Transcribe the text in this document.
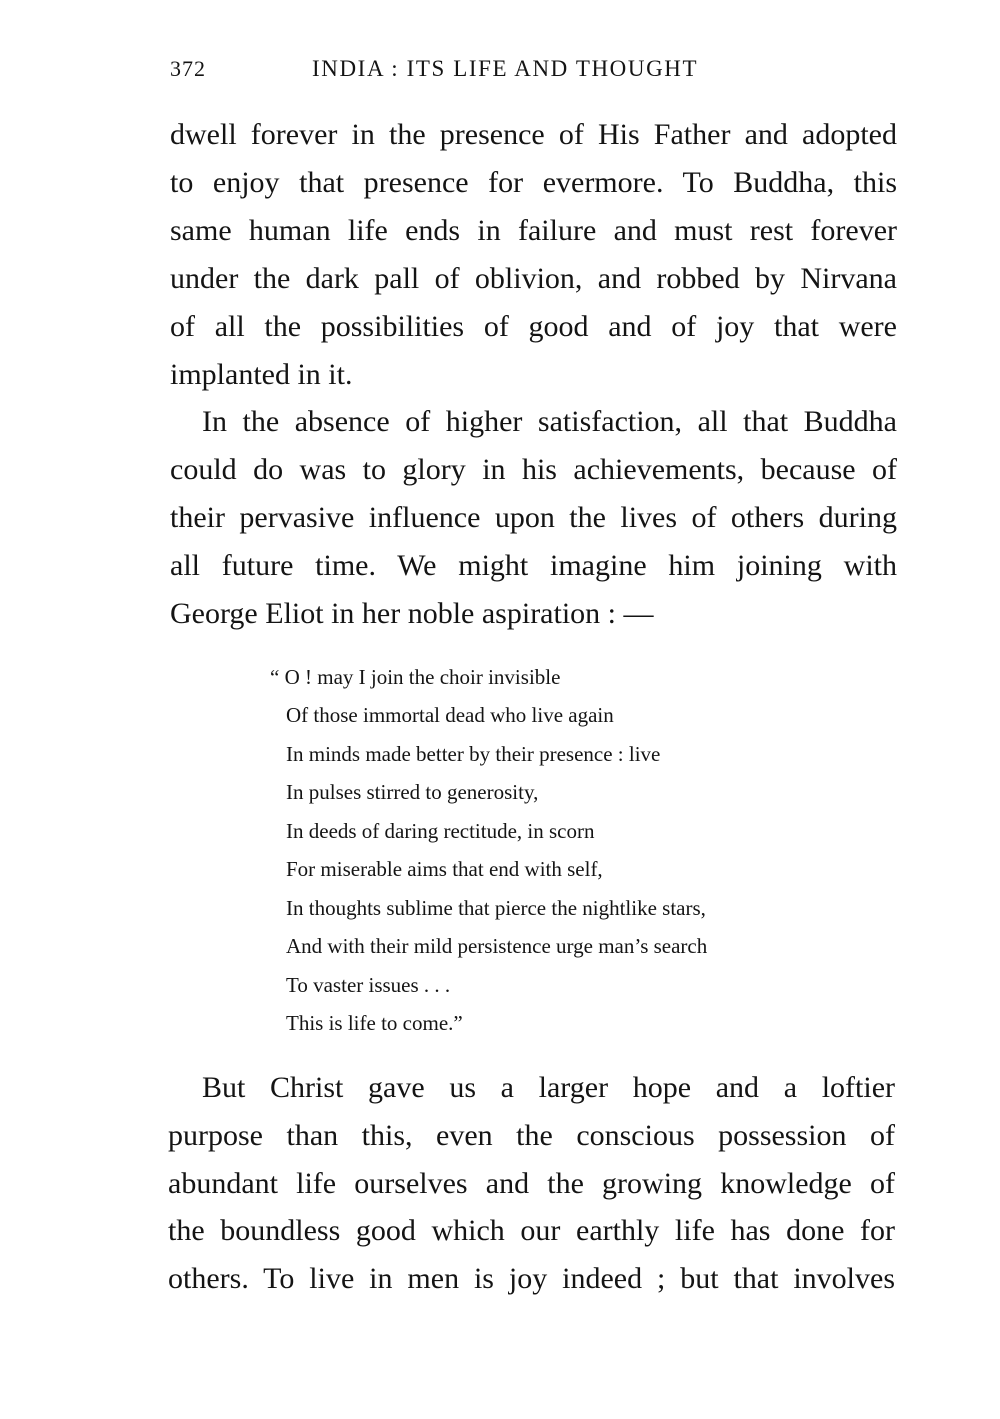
372	INDIA : ITS LIFE AND THOUGHT
dwell forever in the presence of His Father and adopted
to enjoy that presence for evermore. To Buddha, this
same human life ends in failure and must rest forever
under the dark pall of oblivion, and robbed by Nirvana
of all the possibilities of good and of joy that were
implanted in it.
In the absence of higher satisfaction, all that Buddha
could do was to glory in his achievements, because of
their pervasive influence upon the lives of others during
all future time. We might imagine him joining with
George Eliot in her noble aspiration : —
“ O ! may I join the choir invisible
Of those immortal dead who live again
In minds made better by their presence : live
In pulses stirred to generosity,
In deeds of daring rectitude, in scorn
For miserable aims that end with self,
In thoughts sublime that pierce the nightlike stars,
And with their mild persistence urge man’s search
To vaster issues . . .
This is life to come.”
But Christ gave us a larger hope and a loftier
purpose than this, even the conscious possession of
abundant life ourselves and the growing knowledge of
the boundless good which our earthly life has done for
others. To live in men is joy indeed ; but that involves
